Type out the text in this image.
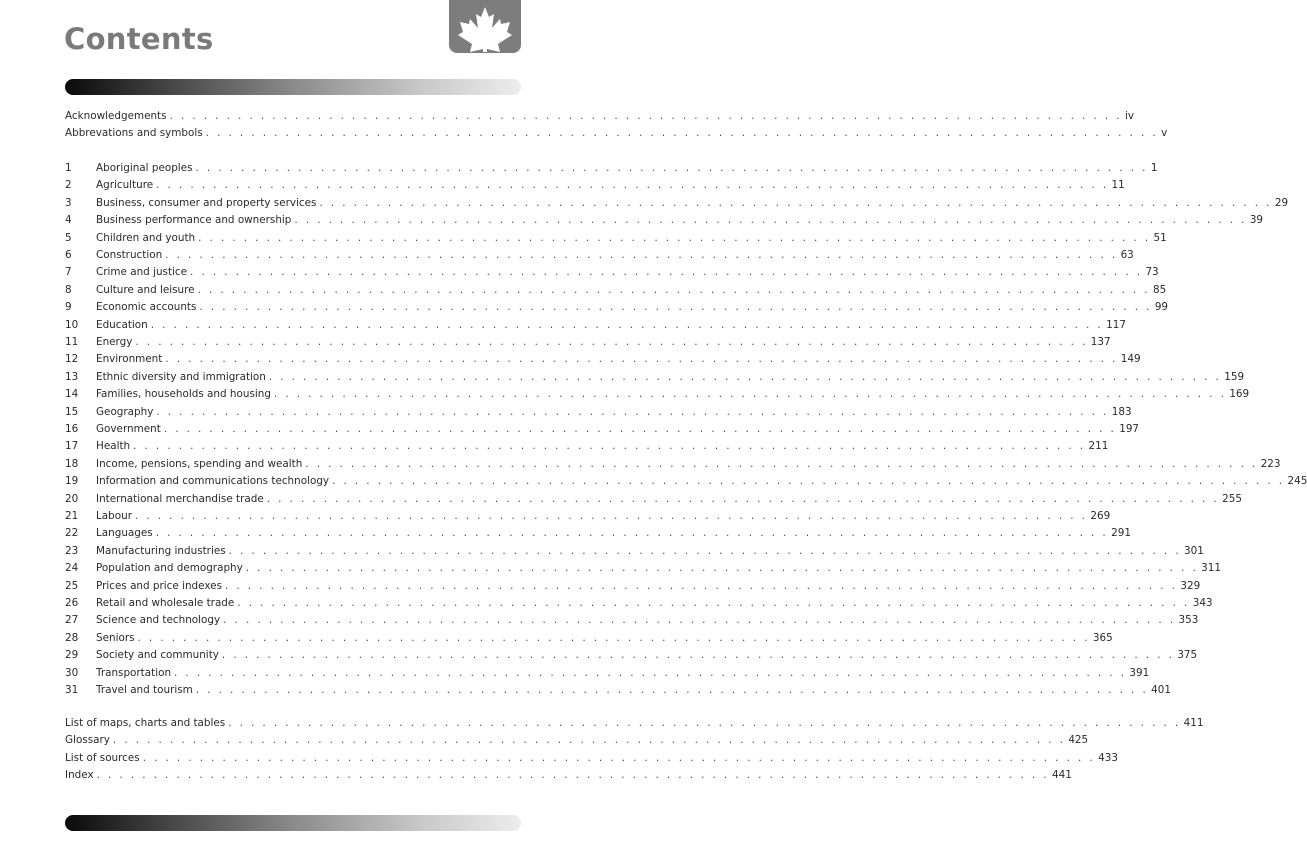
Contents
Acknowledgements . . . . . . . . . . . . . . . . . . . . . . . . . . . . . . . . . . . . . . . . . . . . . . . . . . . . . . . . . . . . . . . . . . . . . . . . . . . . . . . . . . . . iv
Abbrevations and symbols . . . . . . . . . . . . . . . . . . . . . . . . . . . . . . . . . . . . . . . . . . . . . . . . . . . . . . . . . . . . . . . . . . . . . . . . . . . . . . . . . . . . v
1	Aboriginal peoples . . . . . . . . . . . . . . . . . . . . . . . . . . . . . . . . . . . . . . . . . . . . . . . . . . . . . . . . . . . . . . . . . . . . . . . . . . . . . . . . . . . . 1
2	Agriculture . . . . . . . . . . . . . . . . . . . . . . . . . . . . . . . . . . . . . . . . . . . . . . . . . . . . . . . . . . . . . . . . . . . . . . . . . . . . . . . . . . . . 11
3	Business, consumer and property services . . . . . . . . . . . . . . . . . . . . . . . . . . . . . . . . . . . . . . . . . . . . . . . . . . . . . . . . . . . . . . . . . . . . . . . . . . . . . . . . . . . . 29
4	Business performance and ownership . . . . . . . . . . . . . . . . . . . . . . . . . . . . . . . . . . . . . . . . . . . . . . . . . . . . . . . . . . . . . . . . . . . . . . . . . . . . . . . . . . . . 39
5	Children and youth . . . . . . . . . . . . . . . . . . . . . . . . . . . . . . . . . . . . . . . . . . . . . . . . . . . . . . . . . . . . . . . . . . . . . . . . . . . . . . . . . . . . 51
6	Construction . . . . . . . . . . . . . . . . . . . . . . . . . . . . . . . . . . . . . . . . . . . . . . . . . . . . . . . . . . . . . . . . . . . . . . . . . . . . . . . . . . . . 63
7	Crime and justice . . . . . . . . . . . . . . . . . . . . . . . . . . . . . . . . . . . . . . . . . . . . . . . . . . . . . . . . . . . . . . . . . . . . . . . . . . . . . . . . . . . . 73
8	Culture and leisure . . . . . . . . . . . . . . . . . . . . . . . . . . . . . . . . . . . . . . . . . . . . . . . . . . . . . . . . . . . . . . . . . . . . . . . . . . . . . . . . . . . . 85
9	Economic accounts . . . . . . . . . . . . . . . . . . . . . . . . . . . . . . . . . . . . . . . . . . . . . . . . . . . . . . . . . . . . . . . . . . . . . . . . . . . . . . . . . . . . 99
10	Education . . . . . . . . . . . . . . . . . . . . . . . . . . . . . . . . . . . . . . . . . . . . . . . . . . . . . . . . . . . . . . . . . . . . . . . . . . . . . . . . . . . . 117
11	Energy . . . . . . . . . . . . . . . . . . . . . . . . . . . . . . . . . . . . . . . . . . . . . . . . . . . . . . . . . . . . . . . . . . . . . . . . . . . . . . . . . . . . 137
12	Environment . . . . . . . . . . . . . . . . . . . . . . . . . . . . . . . . . . . . . . . . . . . . . . . . . . . . . . . . . . . . . . . . . . . . . . . . . . . . . . . . . . . . 149
13	Ethnic diversity and immigration . . . . . . . . . . . . . . . . . . . . . . . . . . . . . . . . . . . . . . . . . . . . . . . . . . . . . . . . . . . . . . . . . . . . . . . . . . . . . . . . . . . . 159
14	Families, households and housing . . . . . . . . . . . . . . . . . . . . . . . . . . . . . . . . . . . . . . . . . . . . . . . . . . . . . . . . . . . . . . . . . . . . . . . . . . . . . . . . . . . . 169
15	Geography . . . . . . . . . . . . . . . . . . . . . . . . . . . . . . . . . . . . . . . . . . . . . . . . . . . . . . . . . . . . . . . . . . . . . . . . . . . . . . . . . . . . 183
16	Government . . . . . . . . . . . . . . . . . . . . . . . . . . . . . . . . . . . . . . . . . . . . . . . . . . . . . . . . . . . . . . . . . . . . . . . . . . . . . . . . . . . . 197
17	Health . . . . . . . . . . . . . . . . . . . . . . . . . . . . . . . . . . . . . . . . . . . . . . . . . . . . . . . . . . . . . . . . . . . . . . . . . . . . . . . . . . . . 211
18	Income, pensions, spending and wealth . . . . . . . . . . . . . . . . . . . . . . . . . . . . . . . . . . . . . . . . . . . . . . . . . . . . . . . . . . . . . . . . . . . . . . . . . . . . . . . . . . . . 223
19	Information and communications technology . . . . . . . . . . . . . . . . . . . . . . . . . . . . . . . . . . . . . . . . . . . . . . . . . . . . . . . . . . . . . . . . . . . . . . . . . . . . . . . . . . . . 245
20	International merchandise trade . . . . . . . . . . . . . . . . . . . . . . . . . . . . . . . . . . . . . . . . . . . . . . . . . . . . . . . . . . . . . . . . . . . . . . . . . . . . . . . . . . . . 255
21	Labour . . . . . . . . . . . . . . . . . . . . . . . . . . . . . . . . . . . . . . . . . . . . . . . . . . . . . . . . . . . . . . . . . . . . . . . . . . . . . . . . . . . . 269
22	Languages . . . . . . . . . . . . . . . . . . . . . . . . . . . . . . . . . . . . . . . . . . . . . . . . . . . . . . . . . . . . . . . . . . . . . . . . . . . . . . . . . . . . 291
23	Manufacturing industries . . . . . . . . . . . . . . . . . . . . . . . . . . . . . . . . . . . . . . . . . . . . . . . . . . . . . . . . . . . . . . . . . . . . . . . . . . . . . . . . . . . . 301
24	Population and demography . . . . . . . . . . . . . . . . . . . . . . . . . . . . . . . . . . . . . . . . . . . . . . . . . . . . . . . . . . . . . . . . . . . . . . . . . . . . . . . . . . . . 311
25	Prices and price indexes . . . . . . . . . . . . . . . . . . . . . . . . . . . . . . . . . . . . . . . . . . . . . . . . . . . . . . . . . . . . . . . . . . . . . . . . . . . . . . . . . . . . 329
26	Retail and wholesale trade . . . . . . . . . . . . . . . . . . . . . . . . . . . . . . . . . . . . . . . . . . . . . . . . . . . . . . . . . . . . . . . . . . . . . . . . . . . . . . . . . . . . 343
27	Science and technology . . . . . . . . . . . . . . . . . . . . . . . . . . . . . . . . . . . . . . . . . . . . . . . . . . . . . . . . . . . . . . . . . . . . . . . . . . . . . . . . . . . . 353
28	Seniors . . . . . . . . . . . . . . . . . . . . . . . . . . . . . . . . . . . . . . . . . . . . . . . . . . . . . . . . . . . . . . . . . . . . . . . . . . . . . . . . . . . . 365
29	Society and community . . . . . . . . . . . . . . . . . . . . . . . . . . . . . . . . . . . . . . . . . . . . . . . . . . . . . . . . . . . . . . . . . . . . . . . . . . . . . . . . . . . . 375
30	Transportation . . . . . . . . . . . . . . . . . . . . . . . . . . . . . . . . . . . . . . . . . . . . . . . . . . . . . . . . . . . . . . . . . . . . . . . . . . . . . . . . . . . . 391
31	Travel and tourism . . . . . . . . . . . . . . . . . . . . . . . . . . . . . . . . . . . . . . . . . . . . . . . . . . . . . . . . . . . . . . . . . . . . . . . . . . . . . . . . . . . . 401
List of maps, charts and tables . . . . . . . . . . . . . . . . . . . . . . . . . . . . . . . . . . . . . . . . . . . . . . . . . . . . . . . . . . . . . . . . . . . . . . . . . . . . . . . . . . . . 411
Glossary . . . . . . . . . . . . . . . . . . . . . . . . . . . . . . . . . . . . . . . . . . . . . . . . . . . . . . . . . . . . . . . . . . . . . . . . . . . . . . . . . . . . 425
List of sources . . . . . . . . . . . . . . . . . . . . . . . . . . . . . . . . . . . . . . . . . . . . . . . . . . . . . . . . . . . . . . . . . . . . . . . . . . . . . . . . . . . . 433
Index . . . . . . . . . . . . . . . . . . . . . . . . . . . . . . . . . . . . . . . . . . . . . . . . . . . . . . . . . . . . . . . . . . . . . . . . . . . . . . . . . . . . 441
